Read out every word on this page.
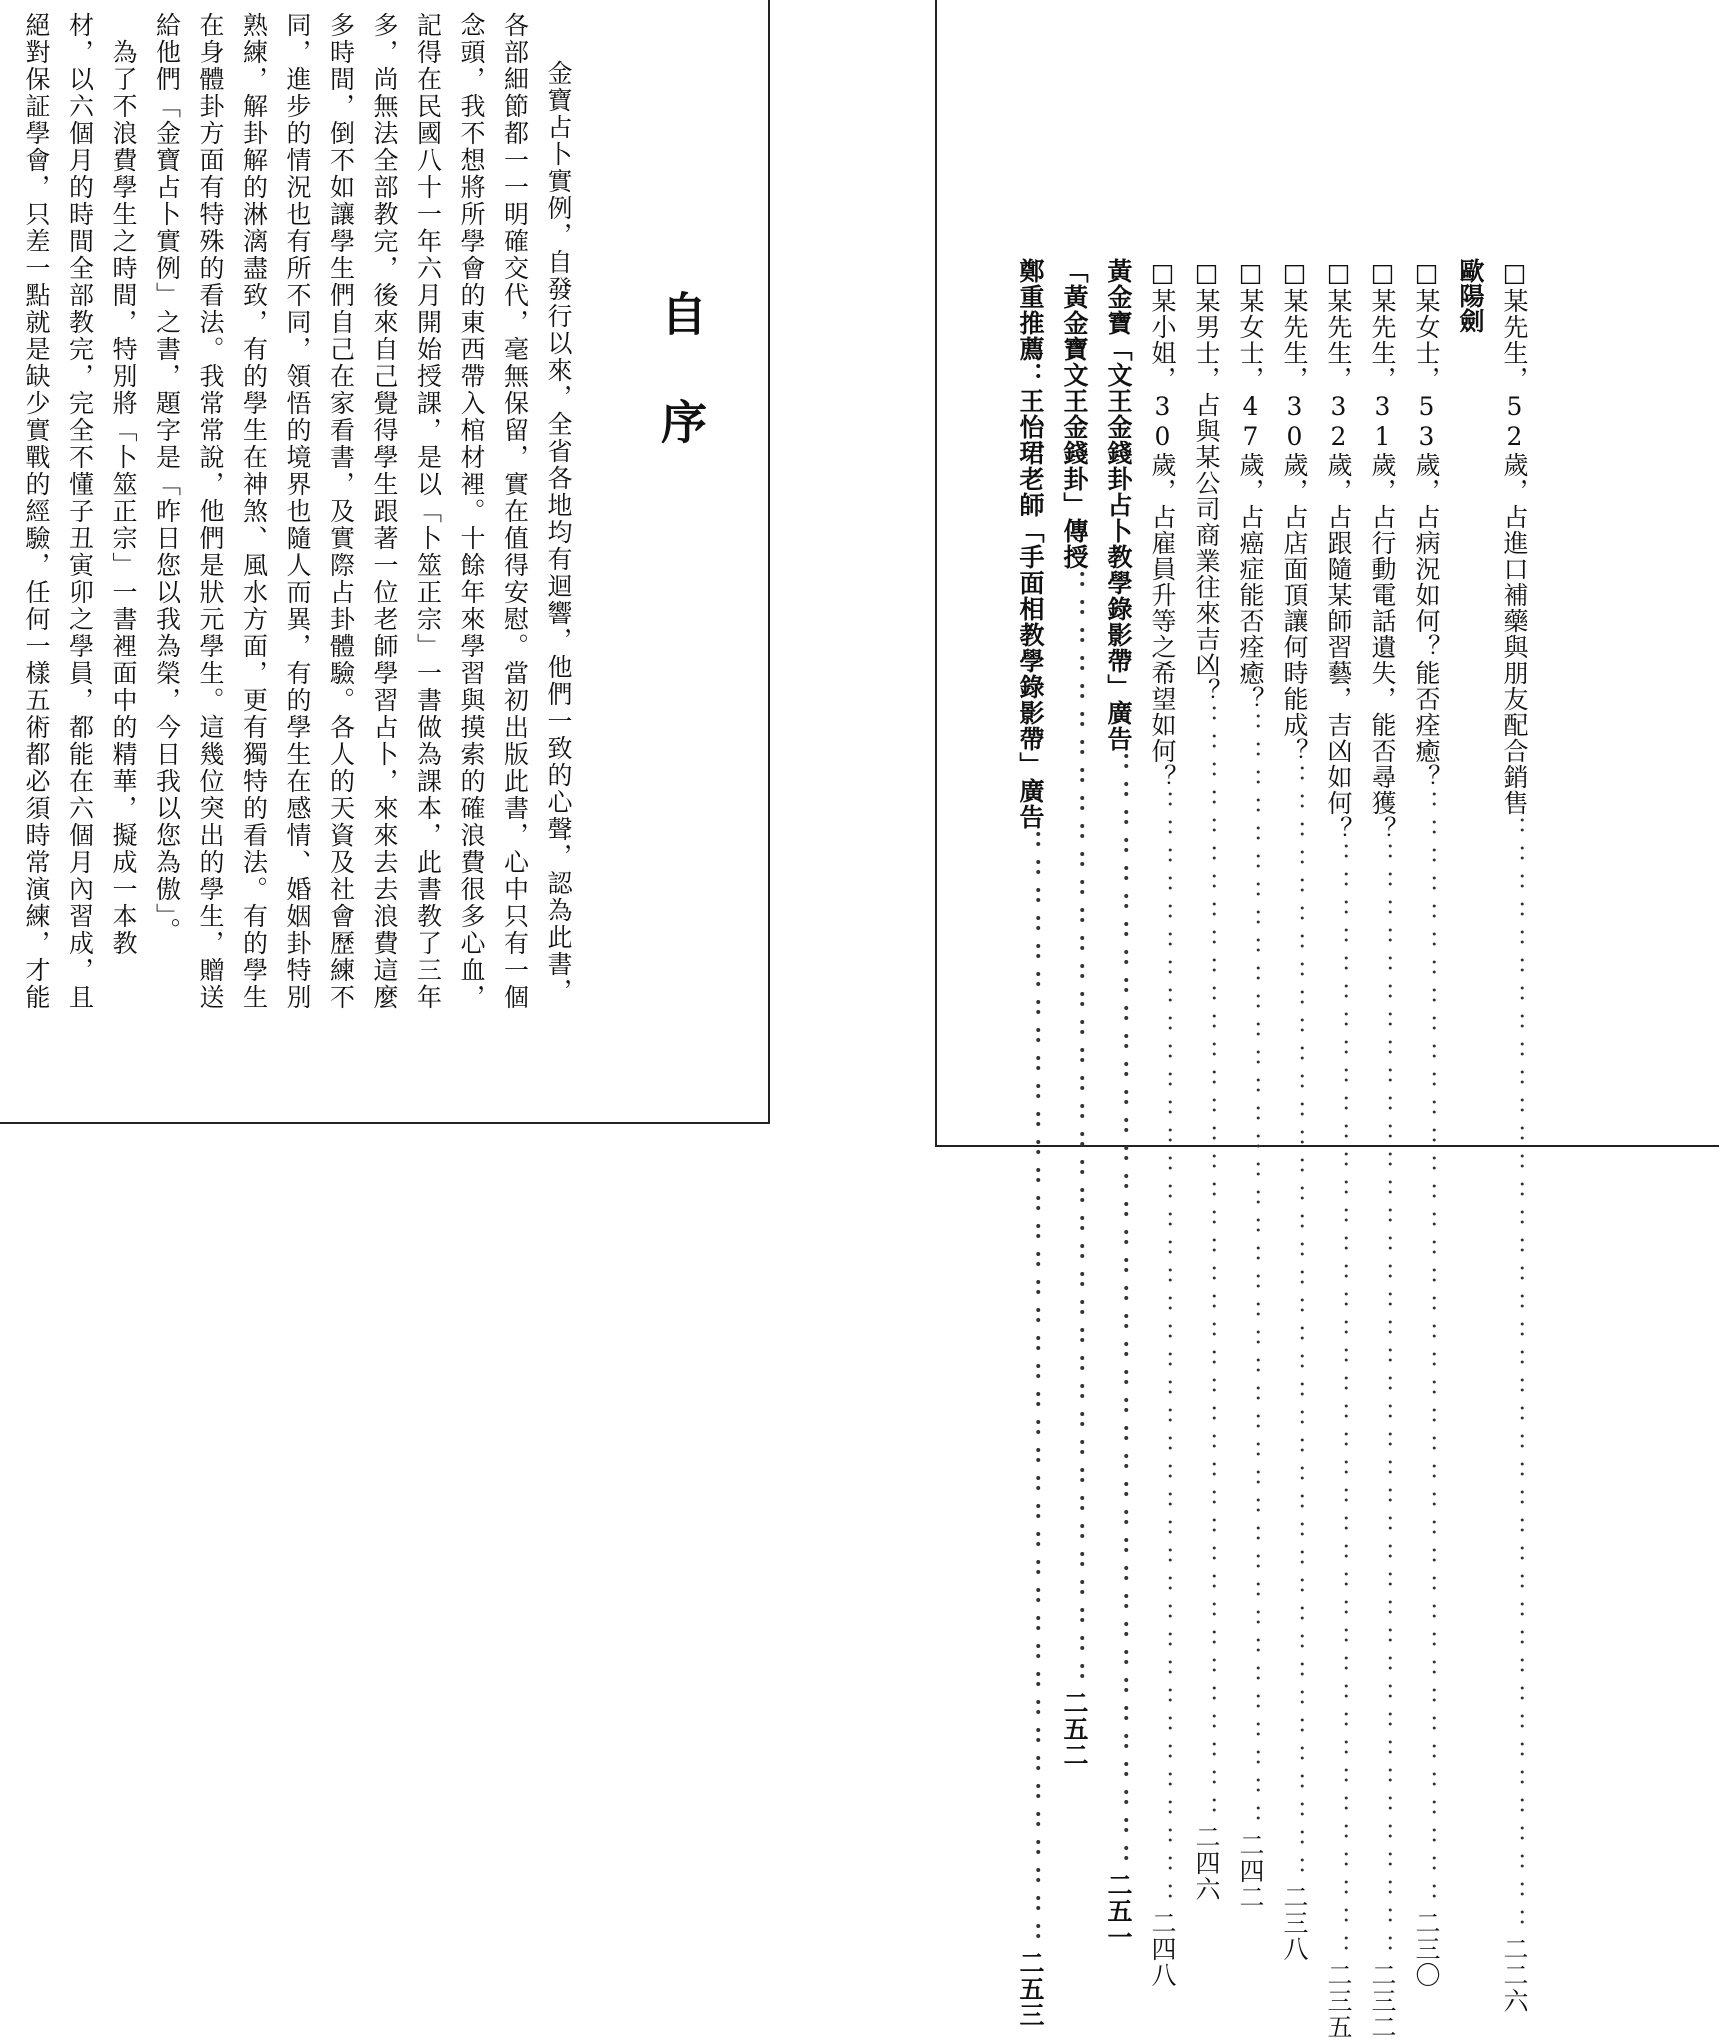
自序
金寶占卜實例，自發行以來，全省各地均有迴響，他們一致的心聲，認為此書，
各部細節都一一明確交代，毫無保留，實在值得安慰。當初出版此書，心中只有一個
念頭，我不想將所學會的東西帶入棺材裡。十餘年來學習與摸索的確浪費很多心血，
記得在民國八十一年六月開始授課，是以「卜筮正宗」一書做為課本，此書教了三年
多，尚無法全部教完，後來自己覺得學生跟著一位老師學習占卜，來來去去浪費這麼
多時間，倒不如讓學生們自己在家看書，及實際占卦體驗。各人的天資及社會歷練不
同，進步的情況也有所不同，領悟的境界也隨人而異，有的學生在感情、婚姻卦特別
熟練，解卦解的淋漓盡致，有的學生在神煞、風水方面，更有獨特的看法。有的學生
在身體卦方面有特殊的看法。我常常說，他們是狀元學生。這幾位突出的學生，贈送
給他們「金寶占卜實例」之書，題字是「昨日您以我為榮，今日我以您為傲」。
　為了不浪費學生之時間，特別將「卜筮正宗」一書裡面中的精華，擬成一本教
材，以六個月的時間全部教完，完全不懂子丑寅卯之學員，都能在六個月內習成，且
絕對保証學會，只差一點就是缺少實戰的經驗，任何一樣五術都必須時常演練，才能	□某先生，52歲，占進口補藥與朋友配合銷售
：：：：：：：：：：：：：：：：：：：：：：：：：：：：：：：：：：：：：：：：
二二六
歐陽劍
□某女士，53歲，占病況如何？能否痊癒？
：：：：：：：：：：：：：：：：：：：：：：：：：：：：：：：：：：：：：：：：
二三〇
□某先生，31歲，占行動電話遺失，能否尋獲？
：：：：：：：：：：：：：：：：：：：：：：：：：：：：：：：：：：：：：：：：
二三二
□某先生，32歲，占跟隨某師習藝，吉凶如何？
：：：：：：：：：：：：：：：：：：：：：：：：：：：：：：：：：：：：：：：：
二三五
□某先生，30歲，占店面頂讓何時能成？
：：：：：：：：：：：：：：：：：：：：：：：：：：：：：：：：：：：：：：：：
二三八
□某女士，47歲，占癌症能否痊癒？
：：：：：：：：：：：：：：：：：：：：：：：：：：：：：：：：：：：：：：：：
二四二
□某男士，占與某公司商業往來吉凶？
：：：：：：：：：：：：：：：：：：：：：：：：：：：：：：：：：：：：：：：：
二四六
□某小姐，30歲，占雇員升等之希望如何？
：：：：：：：：：：：：：：：：：：：：：：：：：：：：：：：：：：：：：：：：
二四八
黃金寶「文王金錢卦占卜教學錄影帶」廣告
：：：：：：：：：：：：：：：：：：：：：：：：：：：：：：：：：：：：：：：：
二五一
「黃金寶文王金錢卦」傳授
：：：：：：：：：：：：：：：：：：：：：：：：：：：：：：：：：：：：：：：：
二五二
鄭重推薦：王怡珺老師「手面相教學錄影帶」廣告
：：：：：：：：：：：：：：：：：：：：：：：：：：：：：：：：：：：：：：：：
二五三
